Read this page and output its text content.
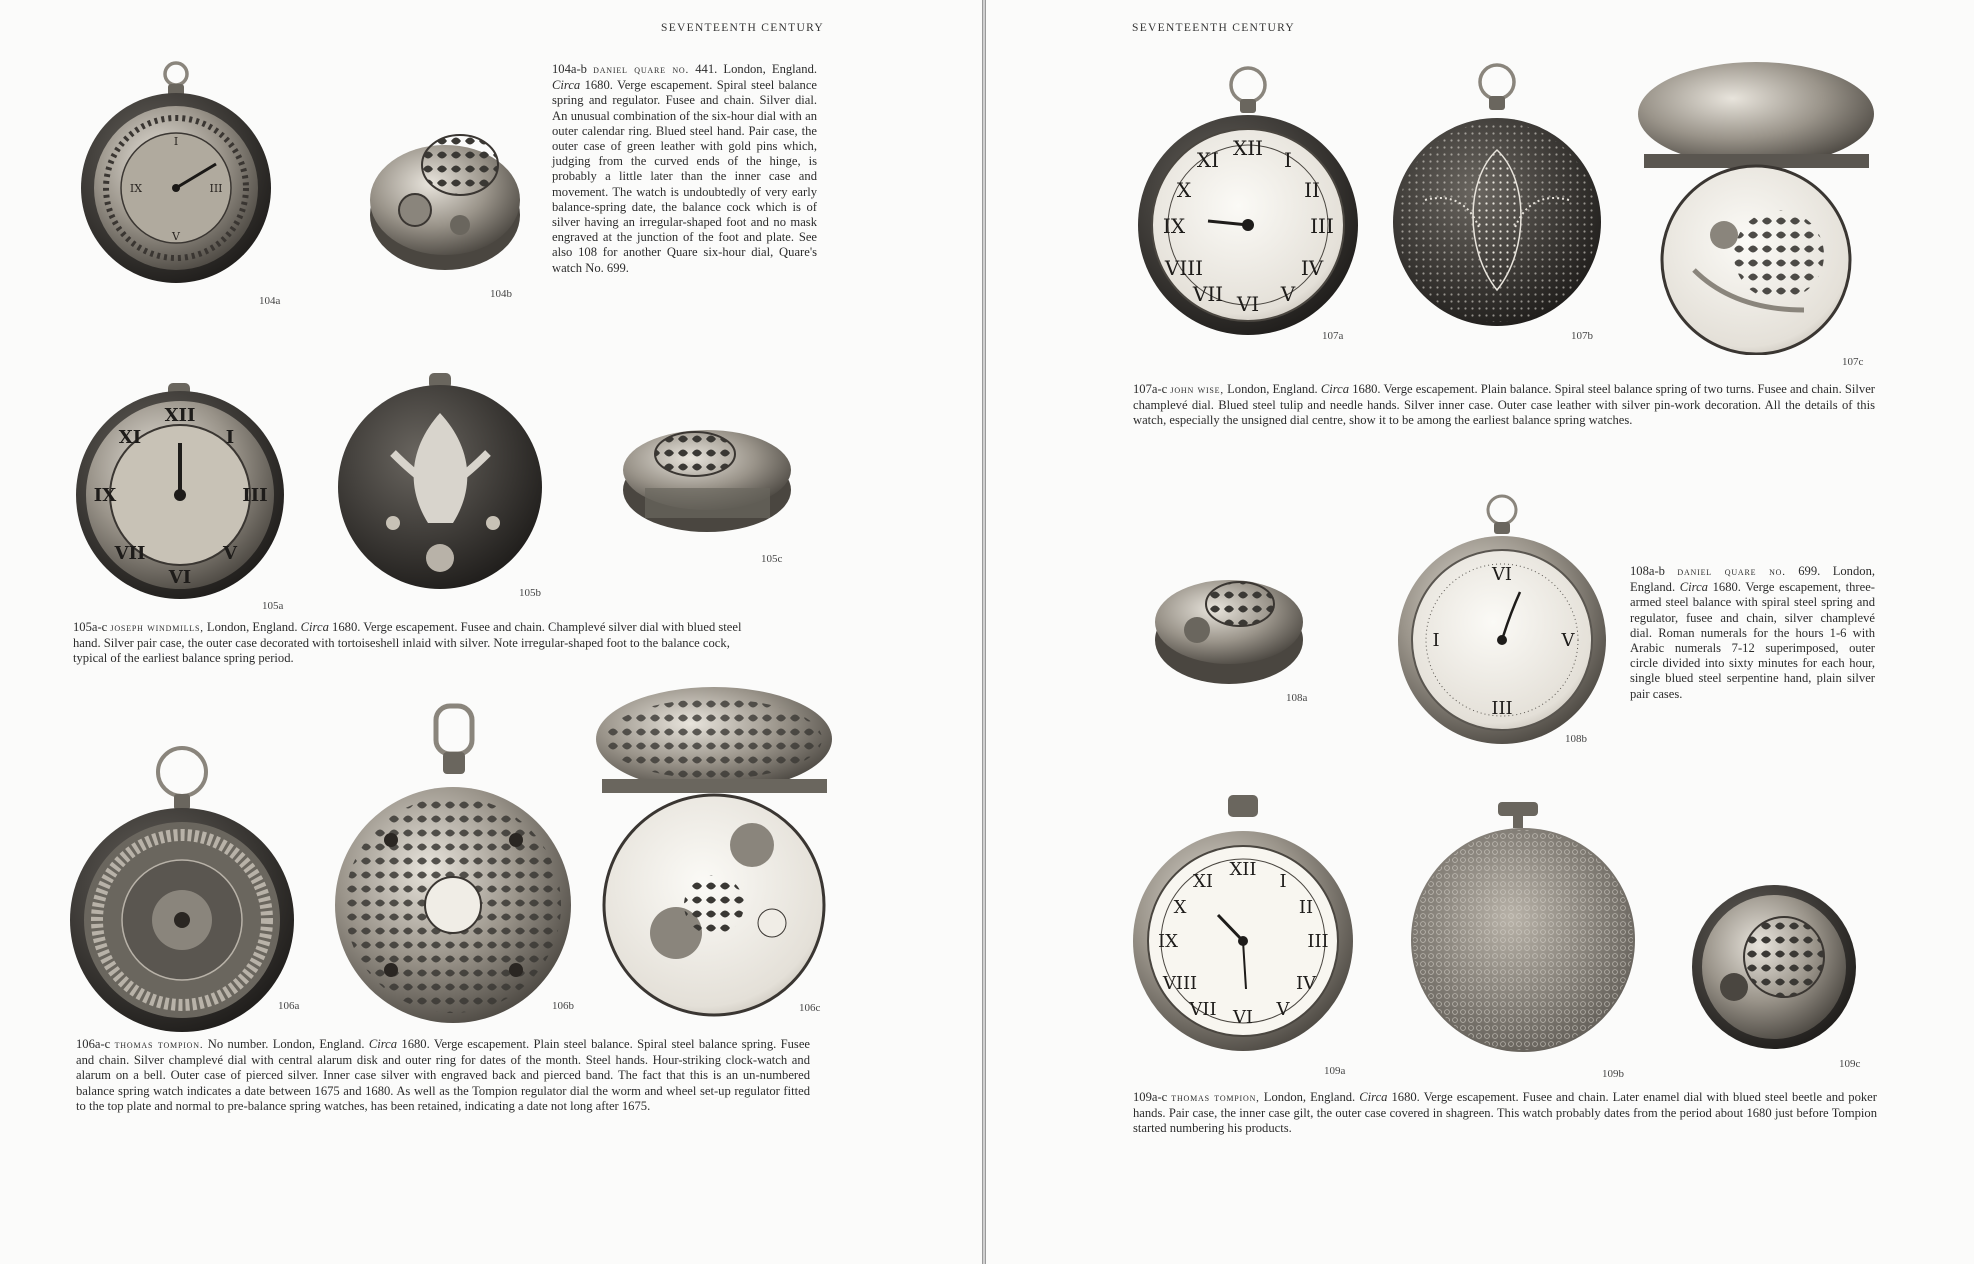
SEVENTEENTH CENTURY
I
III
V
IX
104a
104b
104a-b daniel quare no. 441. London, England. Circa 1680. Verge escapement. Spiral steel balance spring and regulator. Fusee and chain. Silver dial. An unusual combination of the six-hour dial with an outer calendar ring. Blued steel hand. Pair case, the outer case of green leather with gold pins which, judging from the curved ends of the hinge, is probably a little later than the inner case and movement. The watch is undoubtedly of very early balance-spring date, the balance cock which is of silver having an irregular-shaped foot and no mask engraved at the junction of the foot and plate. See also 108 for another Quare six-hour dial, Quare's watch No. 699.
XII
III
VI
IX
I
XI
V
VII
105a
105b
105c
105a-c joseph windmills, London, England. Circa 1680. Verge escapement. Fusee and chain. Champlevé silver dial with blued steel hand. Silver pair case, the outer case decorated with tortoiseshell inlaid with silver. Note irregular-shaped foot to the balance cock, typical of the earliest balance spring period.
106a	106b	106c
106a-c thomas tompion. No number. London, England. Circa 1680. Verge escapement. Plain steel balance. Spiral steel balance spring. Fusee and chain. Silver champlevé dial with central alarum disk and outer ring for dates of the month. Steel hands. Hour-striking clock-watch and alarum on a bell. Outer case of pierced silver. Inner case silver with engraved back and pierced band. The fact that this is an un-numbered balance spring watch indicates a date between 1675 and 1680. As well as the Tompion regulator dial the worm and wheel set-up regulator fitted to the top plate and normal to pre-balance spring watches, has been retained, indicating a date not long after 1675.
SEVENTEENTH CENTURY
XII
III
VI
IX
I
II
IV
V
VII
VIII
X
XI
107a	107b
107c
107a-c john wise, London, England. Circa 1680. Verge escapement. Plain balance. Spiral steel balance spring of two turns. Fusee and chain. Silver champlevé dial. Blued steel tulip and needle hands. Silver inner case. Outer case leather with silver pin-work decoration. All the details of this watch, especially the unsigned dial centre, show it to be among the earliest balance spring watches.
108a
VI
III
I	V
108b
108a-b daniel quare no. 699. London, England. Circa 1680. Verge escapement, three-armed steel balance with spiral steel spring and regulator, fusee and chain, silver champlevé dial. Roman numerals for the hours 1-6 with Arabic numerals 7-12 superimposed, outer circle divided into sixty minutes for each hour, single blued steel serpentine hand, plain silver pair cases.
XII
III
VI
IX
I
II
IV
V
VII
VIII
X
XI
109a	109b
109c
109a-c thomas tompion, London, England. Circa 1680. Verge escapement. Fusee and chain. Later enamel dial with blued steel beetle and poker hands. Pair case, the inner case gilt, the outer case covered in shagreen. This watch probably dates from the period about 1680 just before Tompion started numbering his products.
